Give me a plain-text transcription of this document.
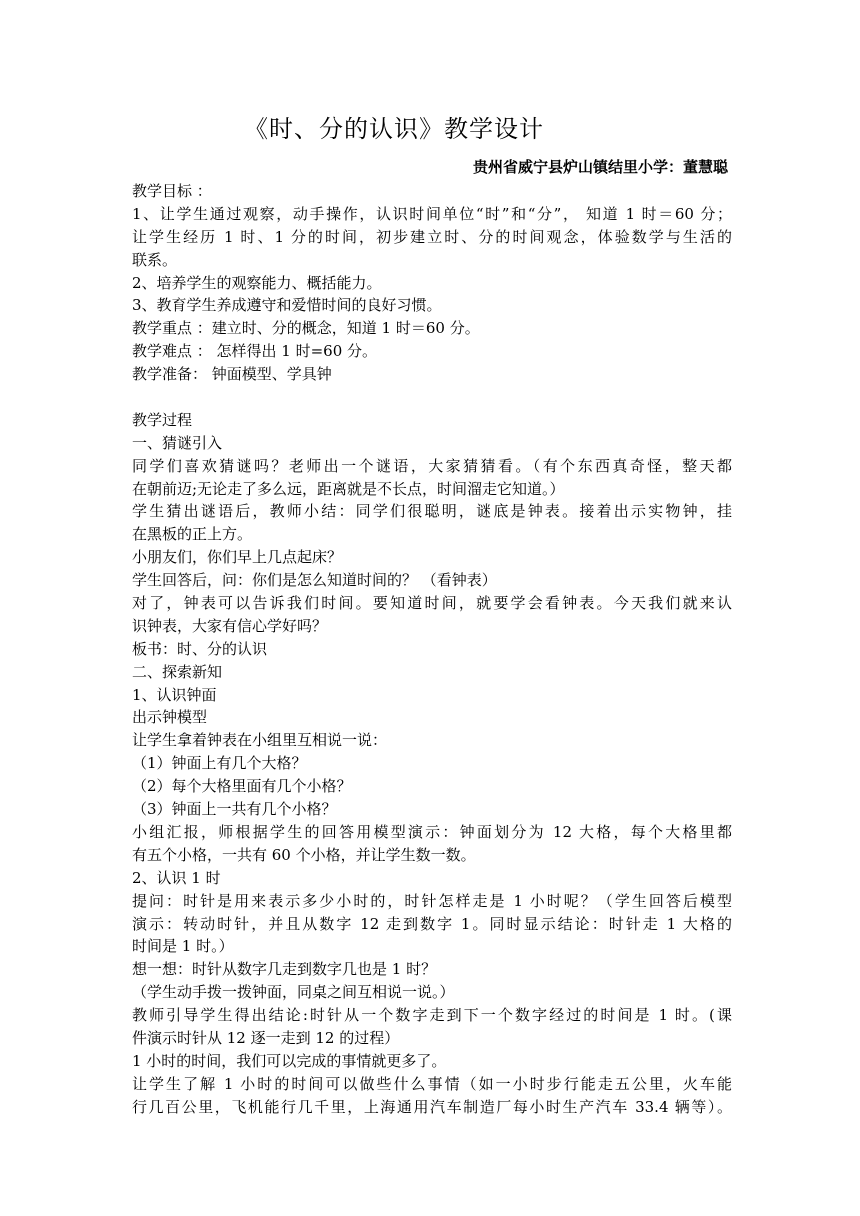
《时、分的认识》教学设计
贵州省威宁县炉山镇结里小学：董慧聪
教学目标 ：
1、让学生通过观察，动手操作，认识时间单位“时”和“分”， 知道 1 时＝60 分；
让学生经历 1 时、1 分的时间，初步建立时、分的时间观念，体验数学与生活的
联系。
2、培养学生的观察能力、概括能力。
3、教育学生养成遵守和爱惜时间的良好习惯。
教学重点 ：建立时、分的概念，知道 1 时＝60 分。
教学难点 ： 怎样得出 1 时=60 分。
教学准备： 钟面模型、学具钟
教学过程
一、猜谜引入
同学们喜欢猜谜吗？老师出一个谜语，大家猜猜看。（有个东西真奇怪，整天都
在朝前迈;无论走了多么远，距离就是不长点，时间溜走它知道。）
学生猜出谜语后，教师小结：同学们很聪明，谜底是钟表。接着出示实物钟，挂
在黑板的正上方。
小朋友们，你们早上几点起床？
学生回答后，问：你们是怎么知道时间的？ （看钟表）
对了，钟表可以告诉我们时间。要知道时间，就要学会看钟表。今天我们就来认
识钟表，大家有信心学好吗？
板书：时、分的认识
二、探索新知
1、认识钟面
出示钟模型
让学生拿着钟表在小组里互相说一说：
（1）钟面上有几个大格？
（2）每个大格里面有几个小格？
（3）钟面上一共有几个小格？
小组汇报，师根据学生的回答用模型演示：钟面划分为 12 大格，每个大格里都
有五个小格，一共有 60 个小格，并让学生数一数。
2、认识 1 时
提问：时针是用来表示多少小时的，时针怎样走是 1 小时呢？（学生回答后模型
演示：转动时针，并且从数字 12 走到数字 1。同时显示结论：时针走 1 大格的
时间是 1 时。）
想一想：时针从数字几走到数字几也是 1 时？
（学生动手拨一拨钟面，同桌之间互相说一说。）
教师引导学生得出结论:时针从一个数字走到下一个数字经过的时间是 1 时。(课
件演示时针从 12 逐一走到 12 的过程）
1 小时的时间，我们可以完成的事情就更多了。
让学生了解 1 小时的时间可以做些什么事情（如一小时步行能走五公里，火车能
行几百公里，飞机能行几千里，上海通用汽车制造厂每小时生产汽车 33.4 辆等）。
